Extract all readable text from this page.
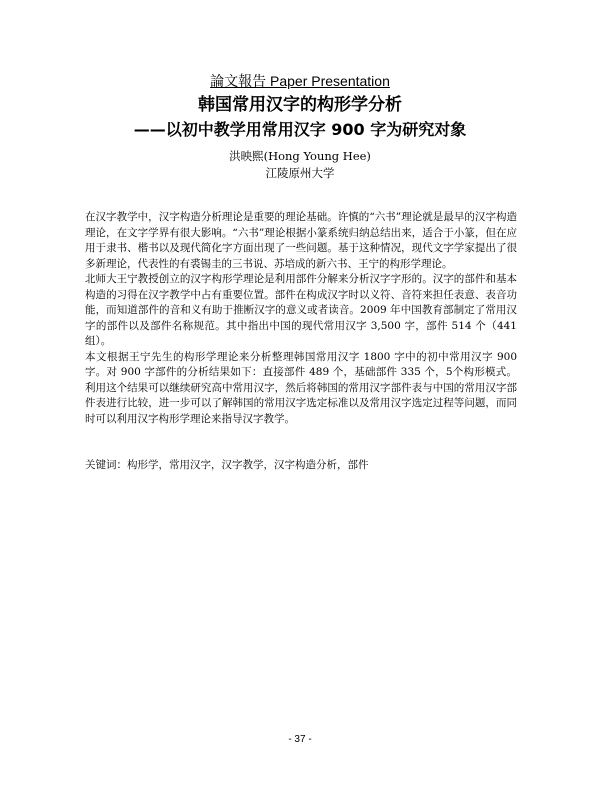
論文報告 Paper Presentation
韩国常用汉字的构形学分析
——以初中教学用常用汉字 900 字为研究对象
洪映熙(Hong Young Hee)
江陵原州大学

在汉字教学中，汉字构造分析理论是重要的理论基础。许慎的“六书”理论就是最早的汉字构造理论，在文字学界有很大影响。“六书”理论根据小篆系统归纳总结出来，适合于小篆，但在应用于隶书、楷书以及现代简化字方面出现了一些问题。基于这种情况，现代文字学家提出了很多新理论，代表性的有裘锡圭的三书说、苏培成的新六书、王宁的构形学理论。

北师大王宁教授创立的汉字构形学理论是利用部件分解来分析汉字字形的。汉字的部件和基本构造的习得在汉字教学中占有重要位置。部件在构成汉字时以义符、音符来担任表意、表音功能，而知道部件的音和义有助于推断汉字的意义或者读音。2009 年中国教育部制定了常用汉字的部件以及部件名称规范。其中指出中国的现代常用汉字 3,500 字，部件 514 个（441 组）。

本文根据王宁先生的构形学理论来分析整理韩国常用汉字 1800 字中的初中常用汉字 900 字。对 900 字部件的分析结果如下：直接部件 489 个，基础部件 335 个，5个构形模式。利用这个结果可以继续研究高中常用汉字，然后将韩国的常用汉字部件表与中国的常用汉字部件表进行比较，进一步可以了解韩国的常用汉字选定标准以及常用汉字选定过程等问题，而同时可以利用汉字构形学理论来指导汉字教学。

关键词：构形学，常用汉字，汉字教学，汉字构造分析，部件
- 37 -
